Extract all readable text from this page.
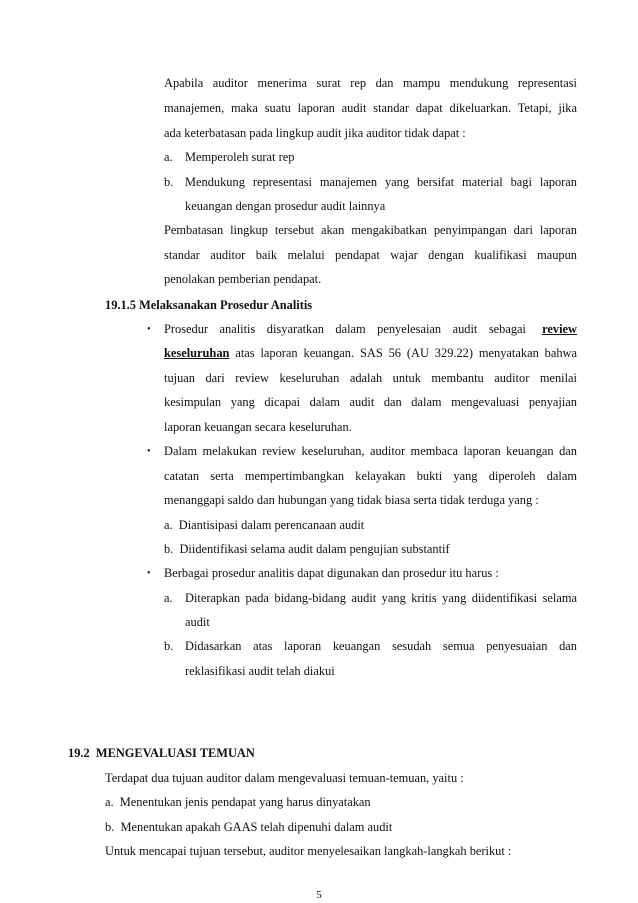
Apabila auditor menerima surat rep dan mampu mendukung representasi
manajemen, maka suatu laporan audit standar dapat dikeluarkan. Tetapi, jika
ada keterbatasan pada lingkup audit jika auditor tidak dapat :
a. Memperoleh surat rep
b. Mendukung representasi manajemen yang bersifat material bagi laporan
keuangan dengan prosedur audit lainnya
Pembatasan lingkup tersebut akan mengakibatkan penyimpangan dari laporan
standar auditor baik melalui pendapat wajar dengan kualifikasi maupun
penolakan pemberian pendapat.
19.1.5 Melaksanakan Prosedur Analitis
• Prosedur analitis disyaratkan dalam penyelesaian audit sebagai review
keseluruhan atas laporan keuangan. SAS 56 (AU 329.22) menyatakan bahwa
tujuan dari review keseluruhan adalah untuk membantu auditor menilai
kesimpulan yang dicapai dalam audit dan dalam mengevaluasi penyajian
laporan keuangan secara keseluruhan.
• Dalam melakukan review keseluruhan, auditor membaca laporan keuangan dan
catatan serta mempertimbangkan kelayakan bukti yang diperoleh dalam
menanggapi saldo dan hubungan yang tidak biasa serta tidak terduga yang :
a.  Diantisipasi dalam perencanaan audit
b.  Diidentifikasi selama audit dalam pengujian substantif
• Berbagai prosedur analitis dapat digunakan dan prosedur itu harus :
a. Diterapkan pada bidang-bidang audit yang kritis yang diidentifikasi selama
audit
b. Didasarkan atas laporan keuangan sesudah semua penyesuaian dan
reklasifikasi audit telah diakui
19.2  MENGEVALUASI TEMUAN
Terdapat dua tujuan auditor dalam mengevaluasi temuan-temuan, yaitu :
a.  Menentukan jenis pendapat yang harus dinyatakan
b.  Menentukan apakah GAAS telah dipenuhi dalam audit
Untuk mencapai tujuan tersebut, auditor menyelesaikan langkah-langkah berikut :
5
